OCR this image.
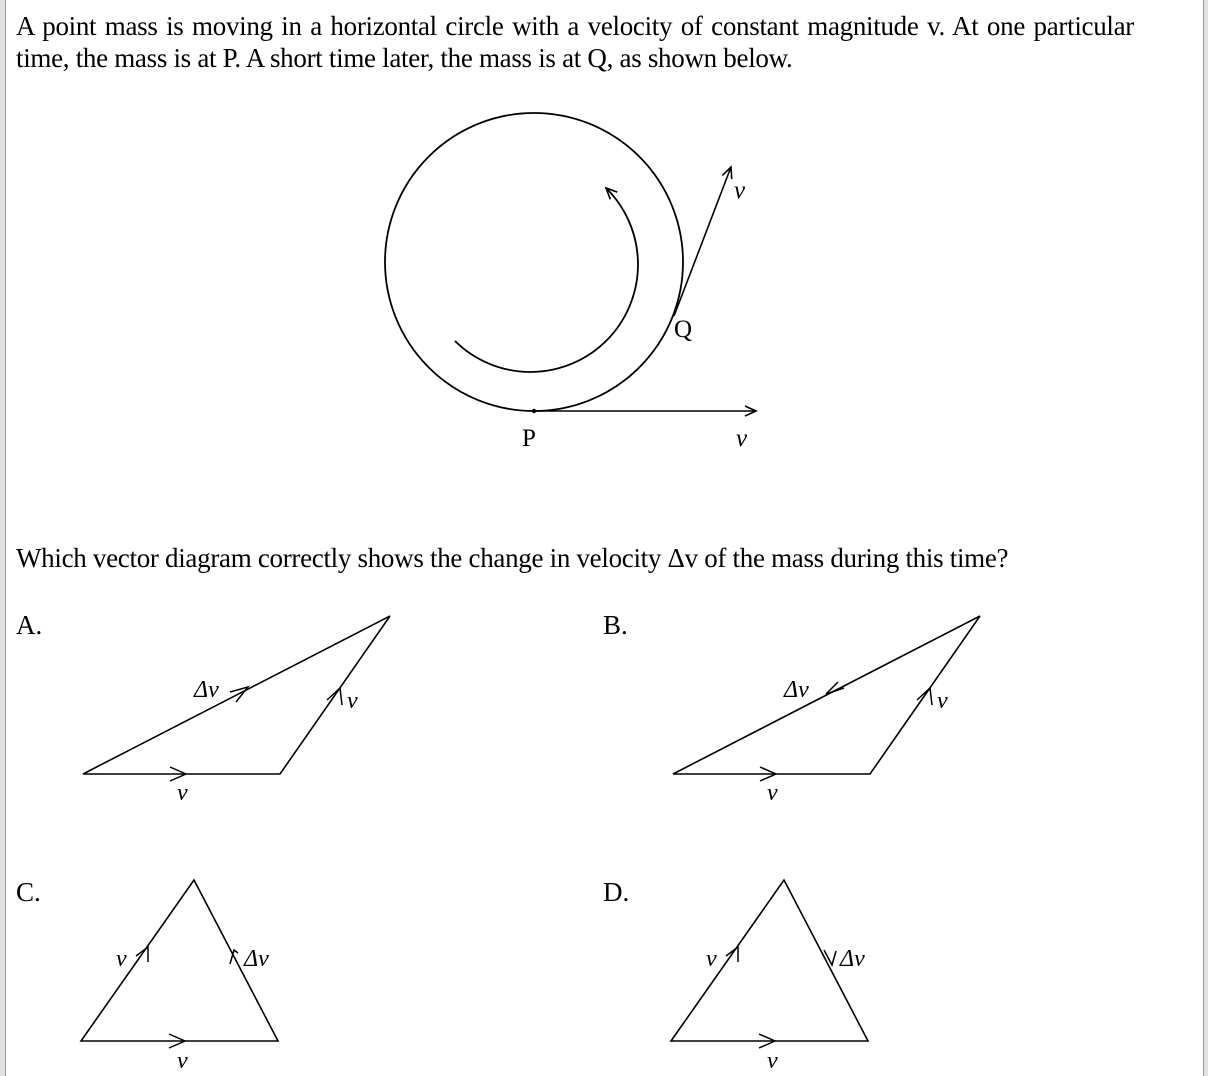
A point mass is moving in a horizontal circle with a velocity of constant magnitude v. At one particular time, the mass is at P. A short time later, the mass is at Q, as shown below.
P
Q
v
v
Which vector diagram correctly shows the change in velocity Δv of the mass during this time?
A.
v
v
Δv
B.
v
v
Δv
C.
v
v	Δv
D.
v
v	Δv
